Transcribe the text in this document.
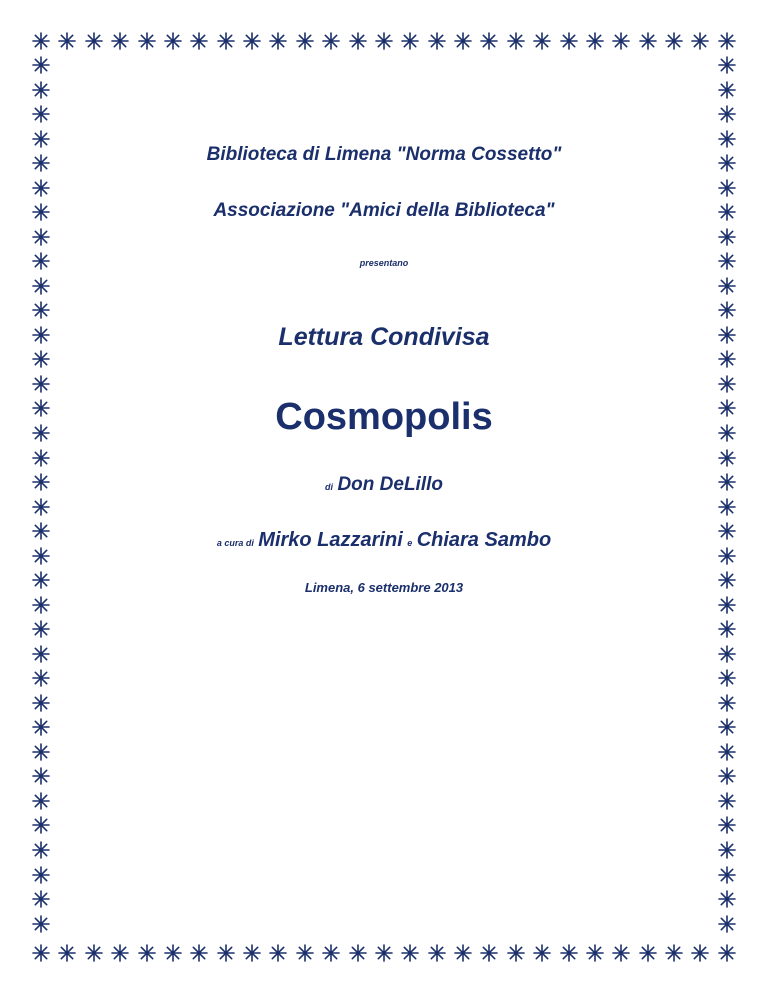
Biblioteca di Limena "Norma Cossetto"
Associazione "Amici della Biblioteca"
presentano
Lettura Condivisa
Cosmopolis
di Don DeLillo
a cura di Mirko Lazzarini e Chiara Sambo
Limena, 6 settembre 2013
